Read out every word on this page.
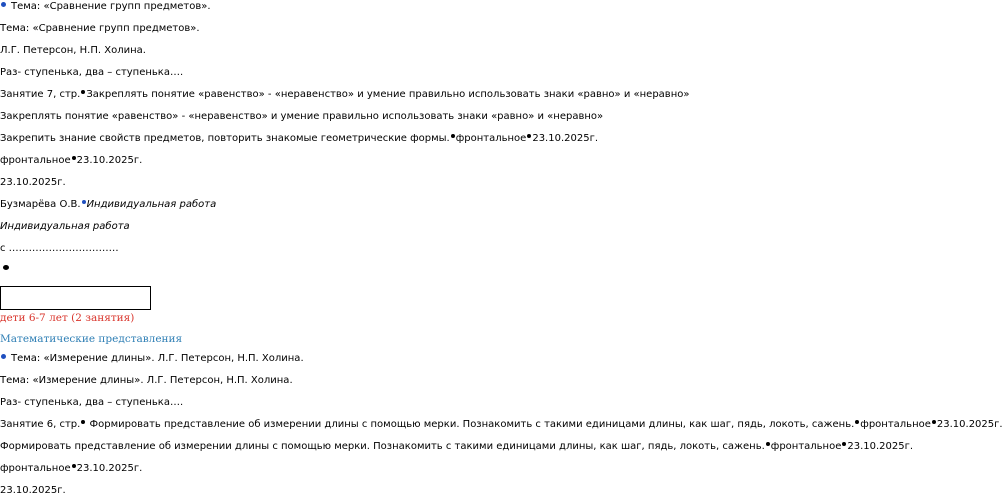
Тема: «Сравнение групп предметов».
Тема: «Сравнение групп предметов».
Л.Г. Петерсон, Н.П. Холина.
Раз- ступенька, два – ступенька….
Занятие 7, стр. Закреплять понятие «равенство» - «неравенство» и умение правильно использовать знаки «равно» и «неравно»
Закреплять понятие «равенство» - «неравенство» и умение правильно использовать знаки «равно» и «неравно»
Закрепить знание свойств предметов, повторить знакомые геометрические формы. фронтальное 23.10.2025г.
фронтальное 23.10.2025г.
23.10.2025г.
Бузмарёва О.В. Индивидуальная работа
Индивидуальная работа
с ……………………………
дети 6-7 лет (2 занятия)
Математические представления
Тема: «Измерение длины». Л.Г. Петерсон, Н.П. Холина.
Тема: «Измерение длины». Л.Г. Петерсон, Н.П. Холина.
Раз- ступенька, два – ступенька….
Занятие 6, стр. Формировать представление об измерении длины с помощью мерки. Познакомить с такими единицами длины, как шаг, пядь, локоть, сажень. фронтальное 23.10.2025г.
Формировать представление об измерении длины с помощью мерки. Познакомить с такими единицами длины, как шаг, пядь, локоть, сажень. фронтальное 23.10.2025г.
фронтальное 23.10.2025г.
23.10.2025г.
